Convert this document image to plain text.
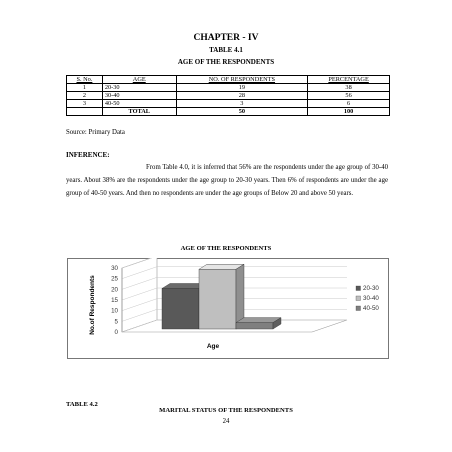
CHAPTER - IV
TABLE 4.1
AGE OF THE RESPONDENTS
S. No.	AGE	NO. OF RESPONDENTS	PERCENTAGE
1	20-30	19	38
2	30-40	28	56
3	40-50	3	6
	TOTAL	50	100
Source: Primary Data
INFERENCE:
From Table 4.0, it is inferred that 56% are the respondents under the age group of 30-40 years. About 38% are the respondents under the age group to 20-30 years. Then 6% of respondents are under the age group of 40-50 years. And then no respondents are under the age groups of Below 20 and above 50 years.
AGE OF THE RESPONDENTS
0
5
10
15
20
25
30
No.of Respondents
Age
20-30
30-40
40-50
TABLE 4.2
MARITAL STATUS OF THE RESPONDENTS
24
